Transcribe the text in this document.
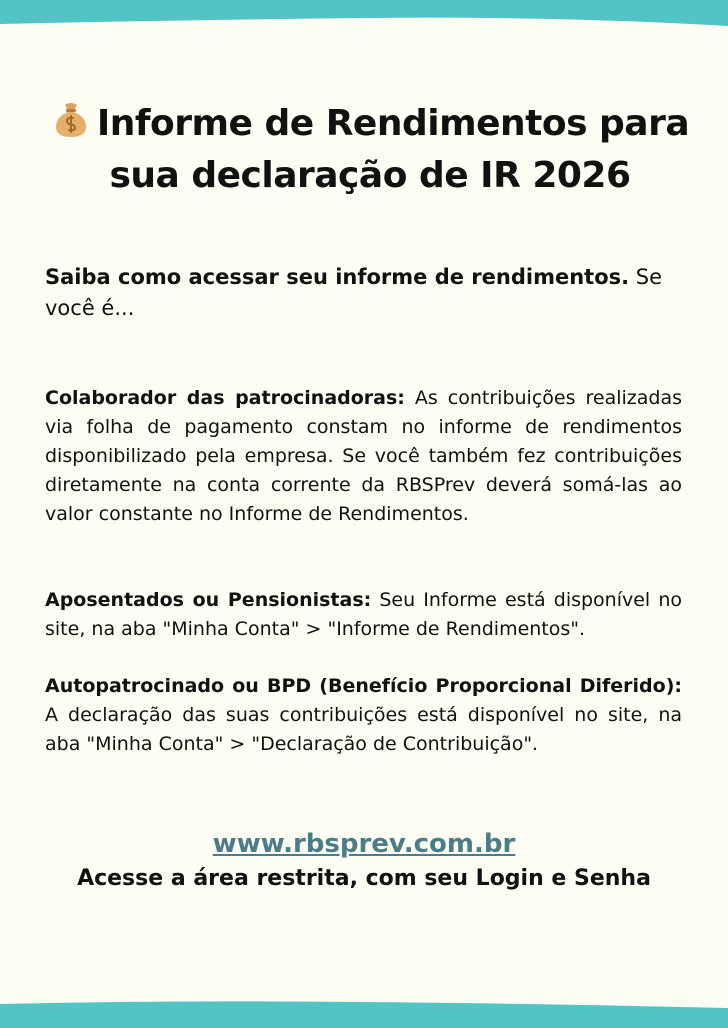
Informe de Rendimentos para
sua declaração de IR 2026

Saiba como acessar seu informe de rendimentos. Se você é...

Colaborador das patrocinadoras: As contribuições realizadas via folha de pagamento constam no informe de rendimentos disponibilizado pela empresa. Se você também fez contribuições diretamente na conta corrente da RBSPrev deverá somá-las ao valor constante no Informe de Rendimentos.

Aposentados ou Pensionistas: Seu Informe está disponível no site, na aba "Minha Conta" > "Informe de Rendimentos".

Autopatrocinado ou BPD (Benefício Proporcional Diferido): A declaração das suas contribuições está disponível no site, na aba "Minha Conta" > "Declaração de Contribuição".

www.rbsprev.com.br

Acesse a área restrita, com seu Login e Senha
